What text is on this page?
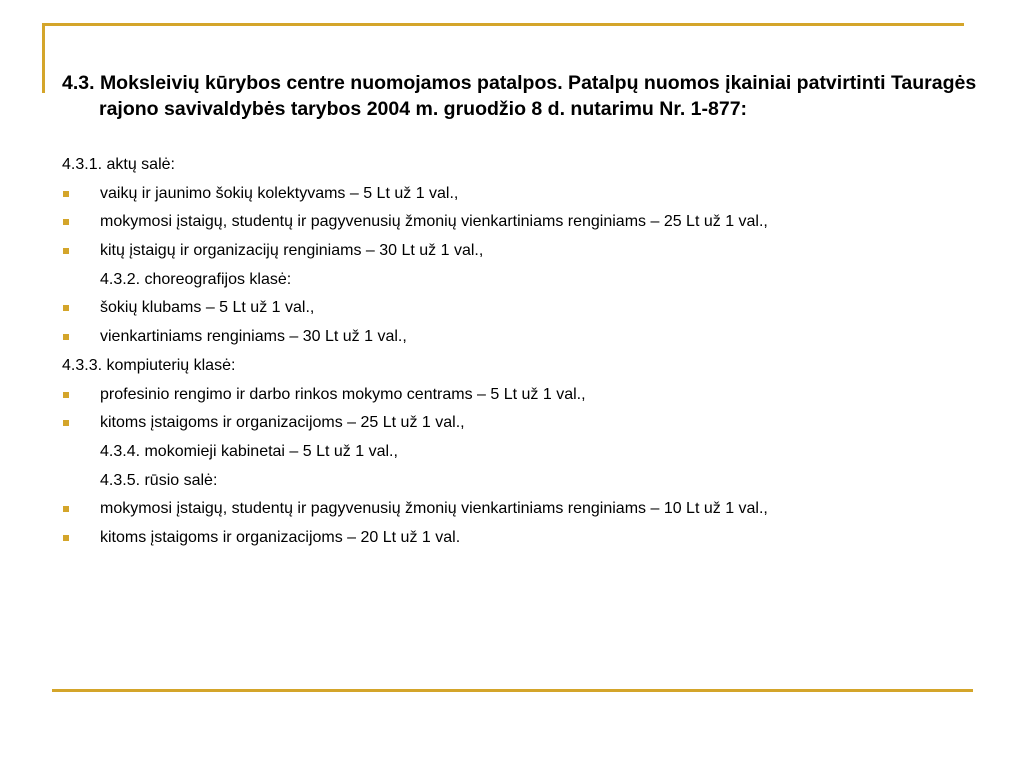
4.3. Moksleivių kūrybos centre nuomojamos patalpos. Patalpų nuomos įkainiai patvirtinti Tauragės rajono savivaldybės tarybos 2004 m. gruodžio 8 d. nutarimu Nr. 1-877:

4.3.1. aktų salė:
vaikų ir jaunimo šokių kolektyvams – 5 Lt už 1 val.,
mokymosi įstaigų, studentų ir pagyvenusių žmonių vienkartiniams renginiams – 25 Lt už 1 val.,
kitų įstaigų ir organizacijų renginiams – 30 Lt už 1 val.,
4.3.2. choreografijos klasė:
šokių klubams – 5 Lt už 1 val.,
vienkartiniams renginiams – 30 Lt už 1 val.,
4.3.3. kompiuterių klasė:
profesinio rengimo ir darbo rinkos mokymo centrams – 5 Lt už 1 val.,
kitoms įstaigoms ir organizacijoms – 25 Lt už 1 val.,
4.3.4. mokomieji kabinetai – 5 Lt už 1 val.,
4.3.5. rūsio salė:
mokymosi įstaigų, studentų ir pagyvenusių žmonių vienkartiniams renginiams – 10 Lt už 1 val.,
kitoms įstaigoms ir organizacijoms – 20 Lt už 1 val.
